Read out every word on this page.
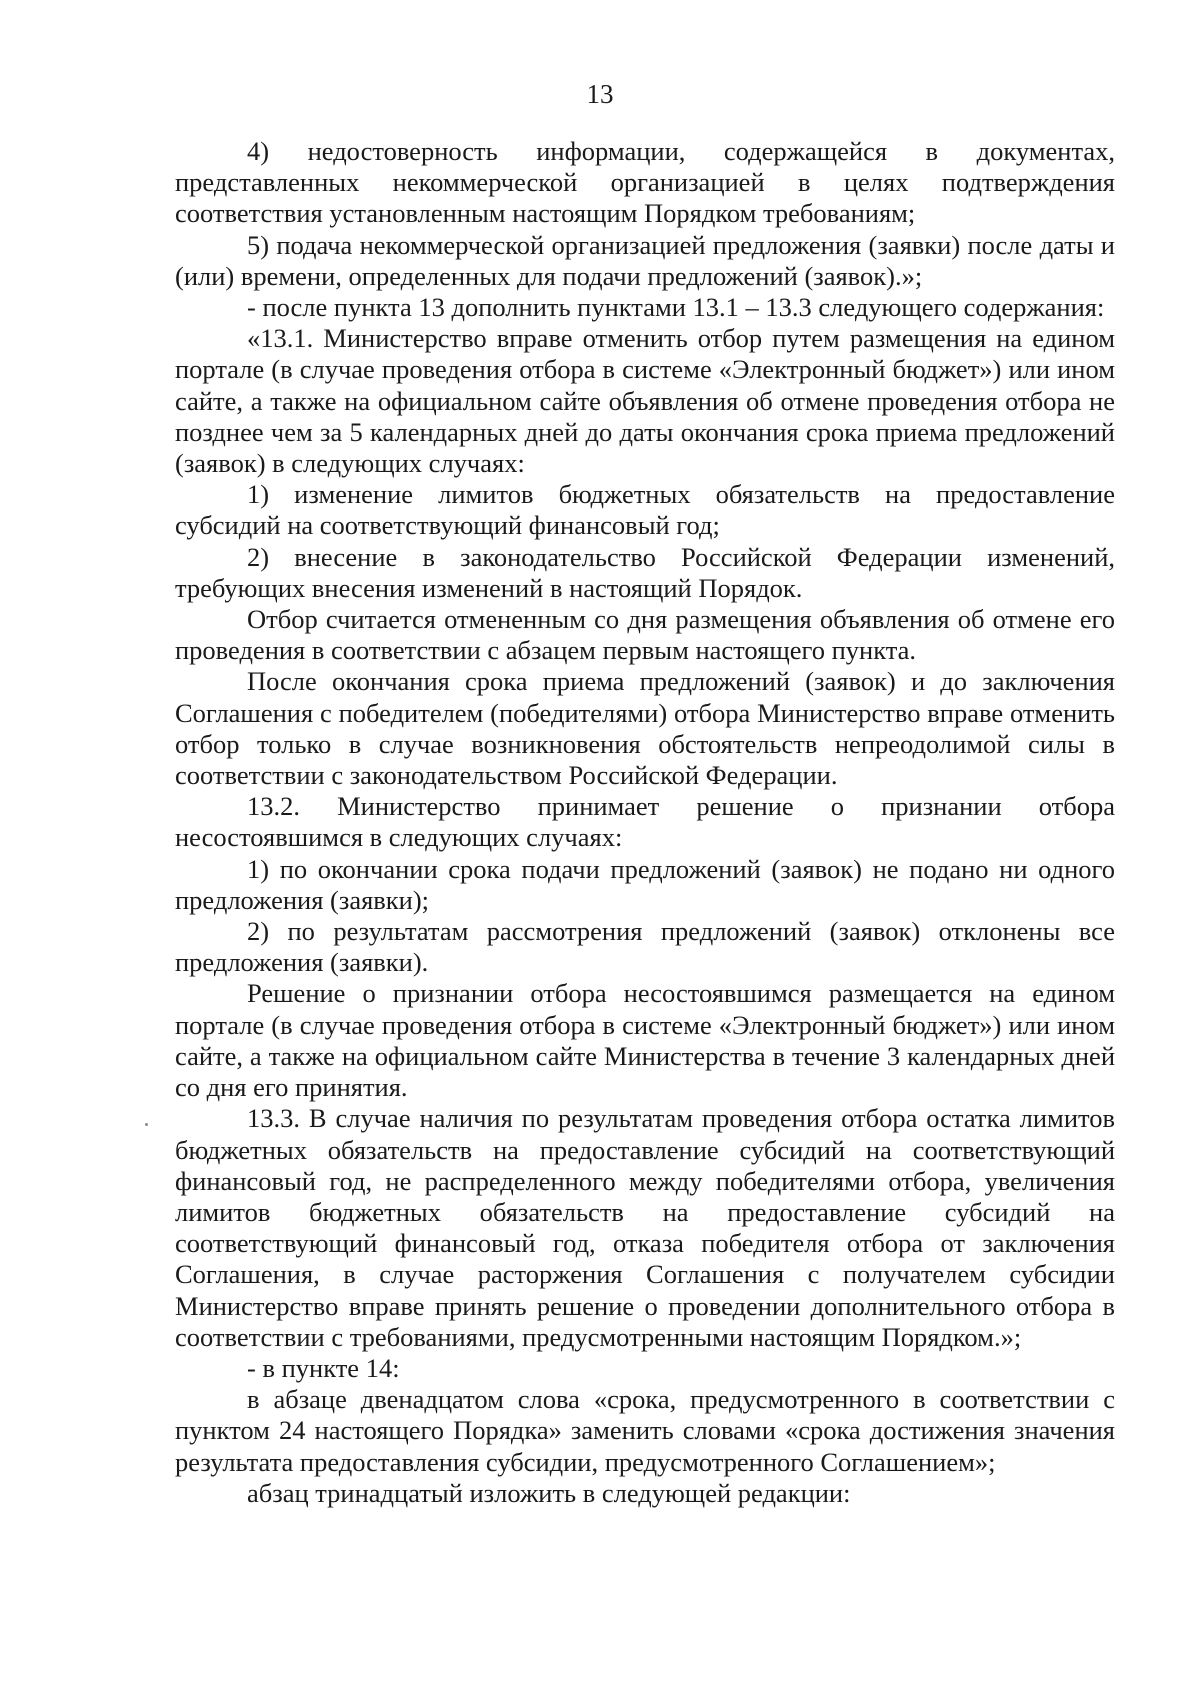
13

4) недостоверность информации, содержащейся в документах, представленных некоммерческой организацией в целях подтверждения соответствия установленным настоящим Порядком требованиям;

5) подача некоммерческой организацией предложения (заявки) после даты и (или) времени, определенных для подачи предложений (заявок).»;

- после пункта 13 дополнить пунктами 13.1 – 13.3 следующего содержания:

«13.1. Министерство вправе отменить отбор путем размещения на едином портале (в случае проведения отбора в системе «Электронный бюджет») или ином сайте, а также на официальном сайте объявления об отмене проведения отбора не позднее чем за 5 календарных дней до даты окончания срока приема предложений (заявок) в следующих случаях:

1) изменение лимитов бюджетных обязательств на предоставление субсидий на соответствующий финансовый год;

2) внесение в законодательство Российской Федерации изменений, требующих внесения изменений в настоящий Порядок.

Отбор считается отмененным со дня размещения объявления об отмене его проведения в соответствии с абзацем первым настоящего пункта.

После окончания срока приема предложений (заявок) и до заключения Соглашения с победителем (победителями) отбора Министерство вправе отменить отбор только в случае возникновения обстоятельств непреодолимой силы в соответствии с законодательством Российской Федерации.

13.2. Министерство принимает решение о признании отбора несостоявшимся в следующих случаях:

1) по окончании срока подачи предложений (заявок) не подано ни одного предложения (заявки);

2) по результатам рассмотрения предложений (заявок) отклонены все предложения (заявки).

Решение о признании отбора несостоявшимся размещается на едином портале (в случае проведения отбора в системе «Электронный бюджет») или ином сайте, а также на официальном сайте Министерства в течение 3 календарных дней со дня его принятия.

13.3. В случае наличия по результатам проведения отбора остатка лимитов бюджетных обязательств на предоставление субсидий на соответствующий финансовый год, не распределенного между победителями отбора, увеличения лимитов бюджетных обязательств на предоставление субсидий на соответствующий финансовый год, отказа победителя отбора от заключения Соглашения, в случае расторжения Соглашения с получателем субсидии Министерство вправе принять решение о проведении дополнительного отбора в соответствии с требованиями, предусмотренными настоящим Порядком.»;

- в пункте 14:

в абзаце двенадцатом слова «срока, предусмотренного в соответствии с пунктом 24 настоящего Порядка» заменить словами «срока достижения значения результата предоставления субсидии, предусмотренного Соглашением»;

абзац тринадцатый изложить в следующей редакции:
